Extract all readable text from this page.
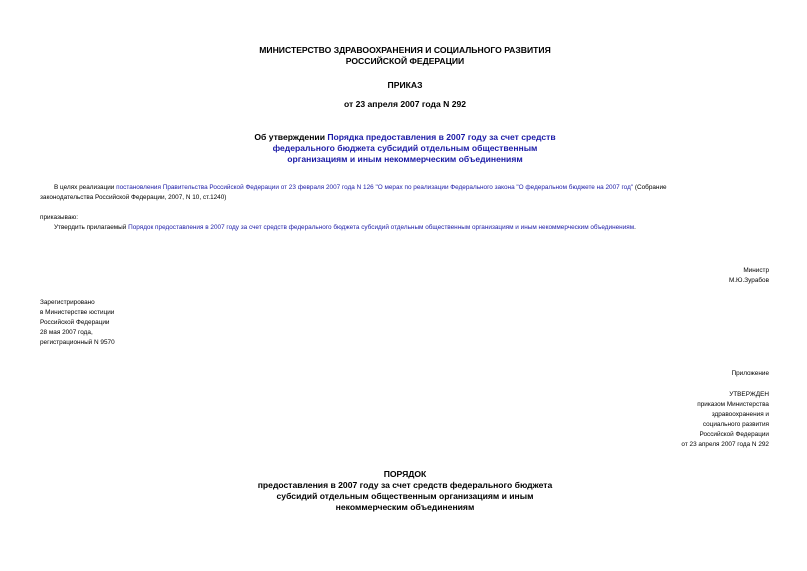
МИНИСТЕРСТВО ЗДРАВООХРАНЕНИЯ И СОЦИАЛЬНОГО РАЗВИТИЯ
РОССИЙСКОЙ ФЕДЕРАЦИИ
ПРИКАЗ
от 23 апреля 2007 года N 292
Об утверждении Порядка предоставления в 2007 году за счет средств
федерального бюджета субсидий отдельным общественным
организациям и иным некоммерческим объединениям
В целях реализации постановления Правительства Российской Федерации от 23 февраля 2007 года N 126 "О мерах по реализации Федерального закона "О федеральном бюджете на 2007 год" (Собрание
законодательства Российской Федерации, 2007, N 10, ст.1240)
приказываю:
Утвердить прилагаемый Порядок предоставления в 2007 году за счет средств федерального бюджета субсидий отдельным общественным организациям и иным некоммерческим объединениям.
Министр
М.Ю.Зурабов
Зарегистрировано
в Министерстве юстиции
Российской Федерации
28 мая 2007 года,
регистрационный N 9570
Приложение
УТВЕРЖДЕН
приказом Министерства
здравоохранения и
социального развития
Российской Федерации
от 23 апреля 2007 года N 292
ПОРЯДОК
предоставления в 2007 году за счет средств федерального бюджета
субсидий отдельным общественным организациям и иным
некоммерческим объединениям
